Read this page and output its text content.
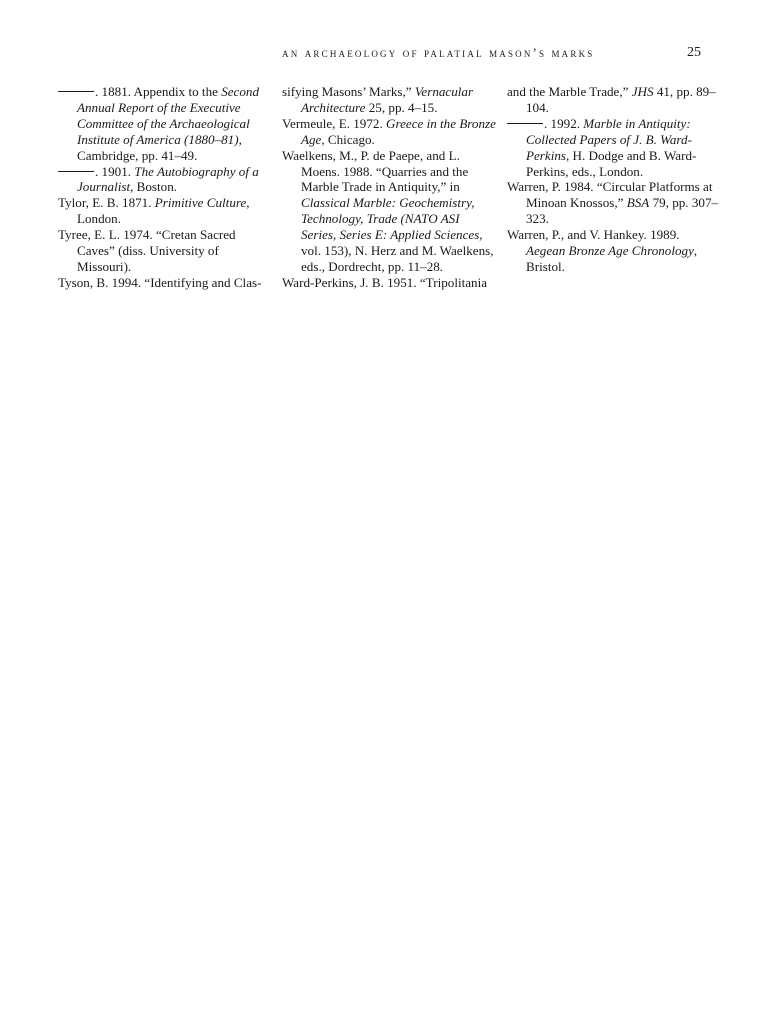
an archaeology of palatial mason’s marks	25

. 1881. Appendix to the Second Annual Report of the Executive Committee of the Archaeological Institute of America (1880–81), Cambridge, pp. 41–49.

. 1901. The Autobiography of a Journalist, Boston.

Tylor, E. B. 1871. Primitive Culture, London.

Tyree, E. L. 1974. “Cretan Sacred Caves” (diss. University of Missouri).

Tyson, B. 1994. “Identifying and Clas-

sifying Masons’ Marks,” Vernacular Architecture 25, pp. 4–15.

Vermeule, E. 1972. Greece in the Bronze Age, Chicago.

Waelkens, M., P. de Paepe, and L. Moens. 1988. “Quarries and the Marble Trade in Antiquity,” in Classical Marble: Geochemistry, Technology, Trade (NATO ASI Series, Series E: Applied Sciences, vol. 153), N. Herz and M. Waelkens, eds., Dordrecht, pp. 11–28.

Ward-Perkins, J. B. 1951. “Tripolitania

and the Marble Trade,” JHS 41, pp. 89–104.

. 1992. Marble in Antiquity: Collected Papers of J. B. Ward-Perkins, H. Dodge and B. Ward-Perkins, eds., London.

Warren, P. 1984. “Circular Platforms at Minoan Knossos,” BSA 79, pp. 307–323.

Warren, P., and V. Hankey. 1989. Aegean Bronze Age Chronology, Bristol.
